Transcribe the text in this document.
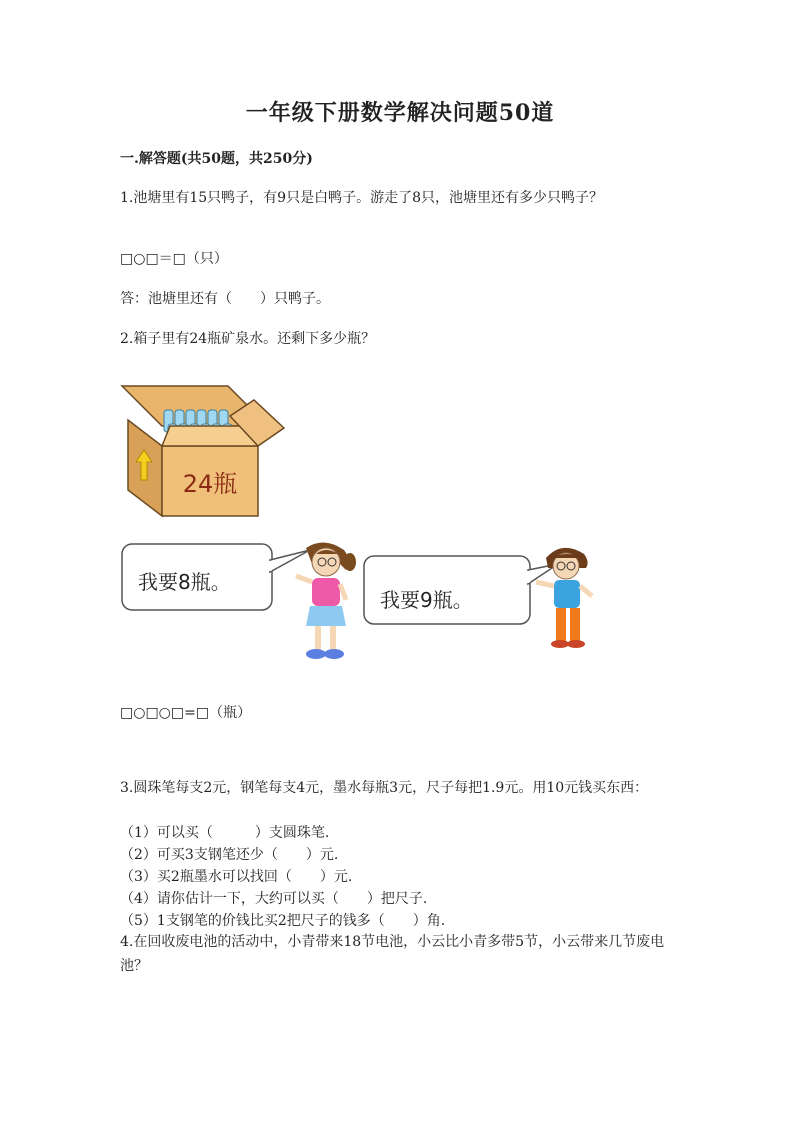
一年级下册数学解决问题50道
一.解答题(共50题，共250分)
1.池塘里有15只鸭子，有9只是白鸭子。游走了8只，池塘里还有多少只鸭子？
□○□＝□（只）
答：池塘里还有（　　）只鸭子。
2.箱子里有24瓶矿泉水。还剩下多少瓶？
24瓶
我要8瓶。
我要9瓶。
□○□○□=□（瓶）
3.圆珠笔每支2元，钢笔每支4元，墨水每瓶3元，尺子每把1.9元。用10元钱买东西：
（1）可以买（　　　）支圆珠笔.
（2）可买3支钢笔还少（　　）元.
（3）买2瓶墨水可以找回（　　）元.
（4）请你估计一下，大约可以买（　　）把尺子.
（5）1支钢笔的价钱比买2把尺子的钱多（　　）角.
4.在回收废电池的活动中，小青带来18节电池，小云比小青多带5节，小云带来几节废电池？
